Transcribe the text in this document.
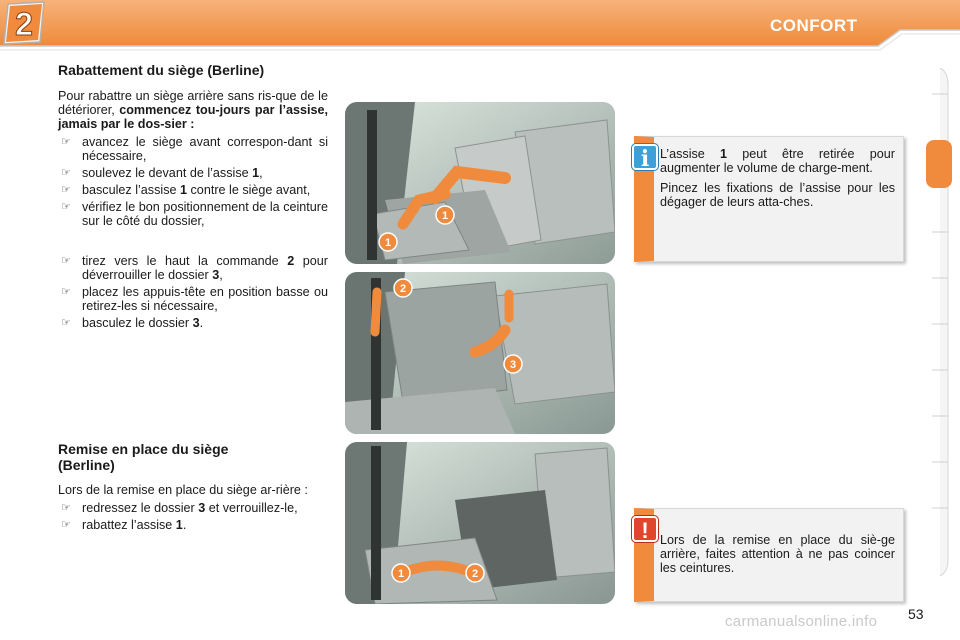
CONFORT
2
Rabattement du siège (Berline)

Pour rabattre un siège arrière sans ris-que de le détériorer, commencez tou-jours par l’assise, jamais par le dos-sier :

☞ avancez le siège avant correspon-dant si nécessaire,
☞ soulevez le devant de l’assise 1,
☞ basculez l’assise 1 contre le siège avant,
☞ vérifiez le bon positionnement de la ceinture sur le côté du dossier,
☞ tirez vers le haut la commande 2 pour déverrouiller le dossier 3,
☞ placez les appuis-tête en position basse ou retirez-les si nécessaire,
☞ basculez le dossier 3.
Remise en place du siège (Berline)

Lors de la remise en place du siège ar-rière :

☞ redressez le dossier 3 et verrouillez-le,
☞ rabattez l’assise 1.
1
1
2
3
1	2

L’assise 1 peut être retirée pour augmenter le volume de charge-ment.

Pincez les fixations de l’assise pour les dégager de leurs atta-ches.

i
Lors de la remise en place du siè-ge arrière, faites attention à ne pas coincer les ceintures.
!
carmanualsonline.info 53
